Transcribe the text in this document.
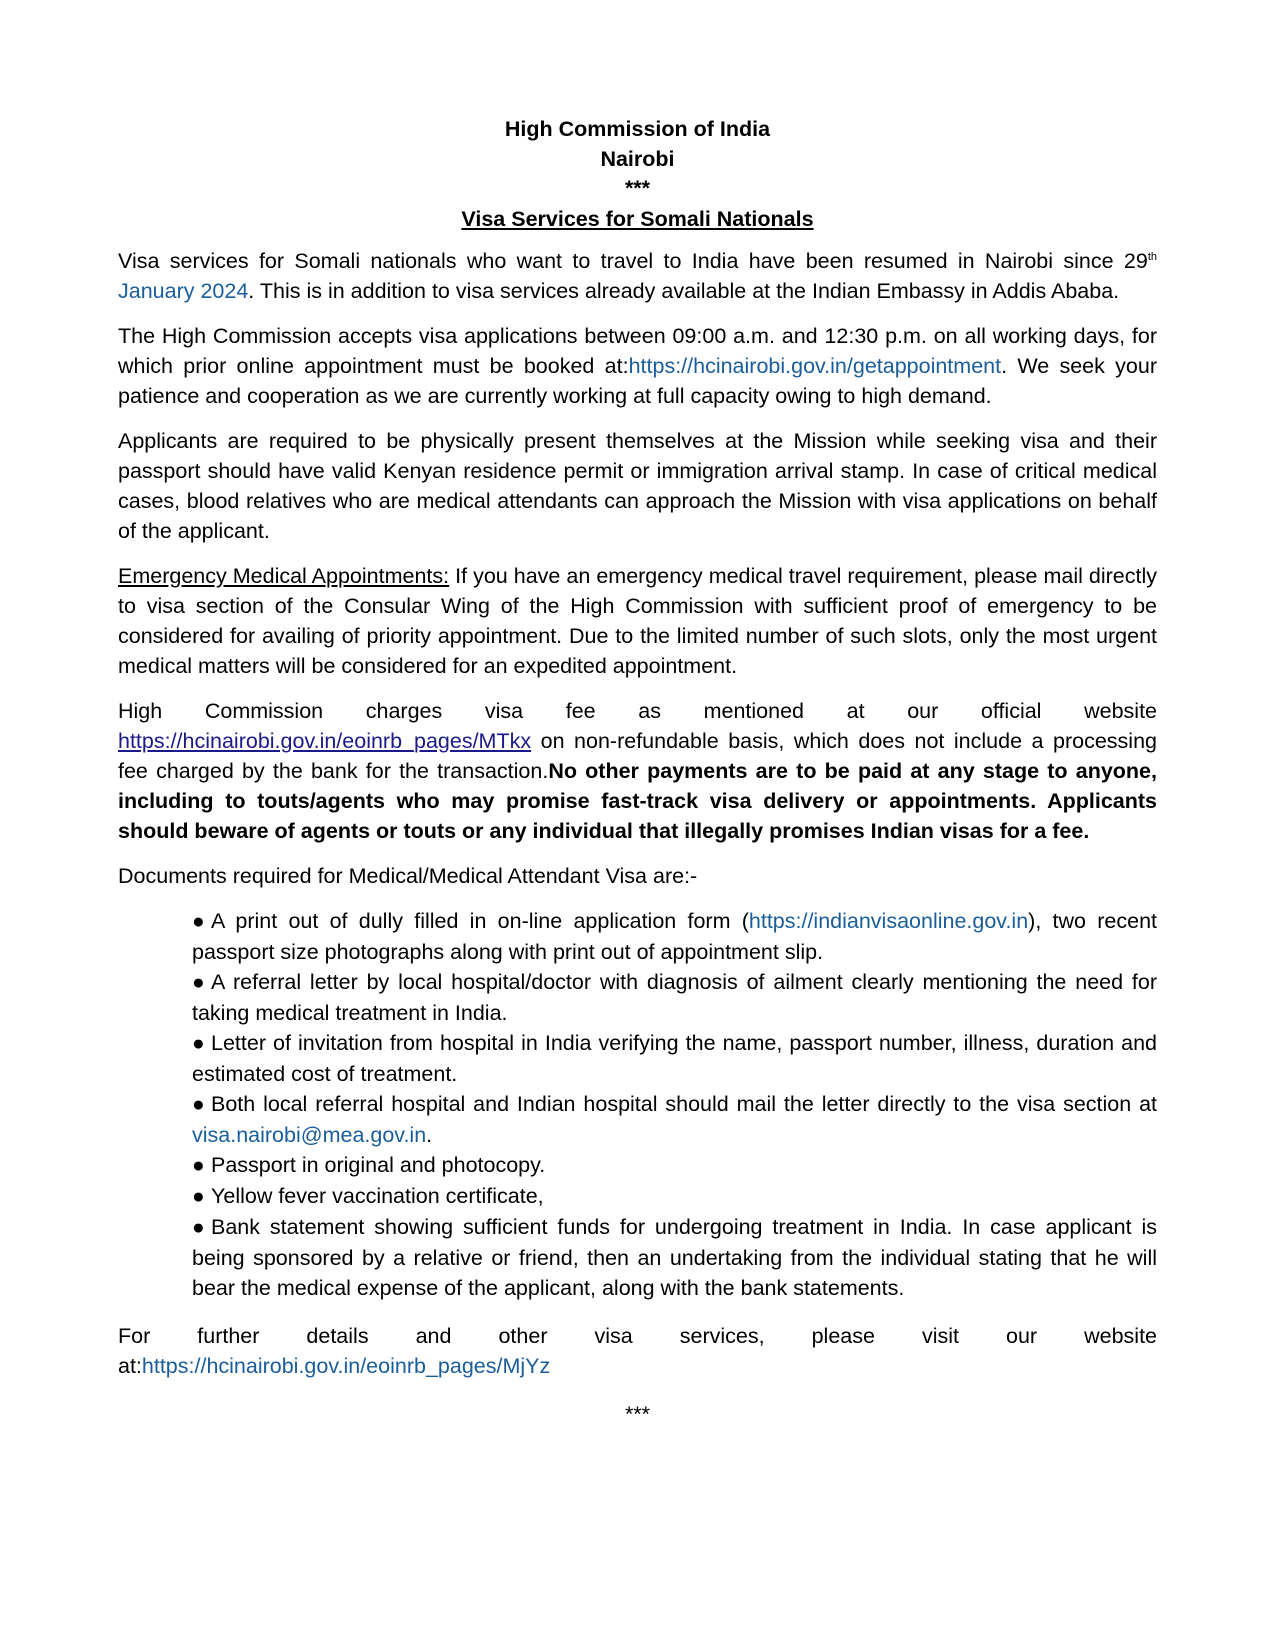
High Commission of India
Nairobi
***
Visa Services for Somali Nationals

Visa services for Somali nationals who want to travel to India have been resumed in Nairobi since 29th January 2024. This is in addition to visa services already available at the Indian Embassy in Addis Ababa.

The High Commission accepts visa applications between 09:00 a.m. and 12:30 p.m. on all working days, for which prior online appointment must be booked at:https://hcinairobi.gov.in/getappointment. We seek your patience and cooperation as we are currently working at full capacity owing to high demand.

Applicants are required to be physically present themselves at the Mission while seeking visa and their passport should have valid Kenyan residence permit or immigration arrival stamp. In case of critical medical cases, blood relatives who are medical attendants can approach the Mission with visa applications on behalf of the applicant.

Emergency Medical Appointments: If you have an emergency medical travel requirement, please mail directly to visa section of the Consular Wing of the High Commission with sufficient proof of emergency to be considered for availing of priority appointment. Due to the limited number of such slots, only the most urgent medical matters will be considered for an expedited appointment.

High Commission charges visa fee as mentioned at our official website https://hcinairobi.gov.in/eoinrb_pages/MTkx on non-refundable basis, which does not include a processing fee charged by the bank for the transaction.No other payments are to be paid at any stage to anyone, including to touts/agents who may promise fast-track visa delivery or appointments. Applicants should beware of agents or touts or any individual that illegally promises Indian visas for a fee.

Documents required for Medical/Medical Attendant Visa are:-

● A print out of dully filled in on-line application form (https://indianvisaonline.gov.in), two recent passport size photographs along with print out of appointment slip.
● A referral letter by local hospital/doctor with diagnosis of ailment clearly mentioning the need for taking medical treatment in India.
● Letter of invitation from hospital in India verifying the name, passport number, illness, duration and estimated cost of treatment.
● Both local referral hospital and Indian hospital should mail the letter directly to the visa section at visa.nairobi@mea.gov.in.
● Passport in original and photocopy.
● Yellow fever vaccination certificate,
● Bank statement showing sufficient funds for undergoing treatment in India. In case applicant is being sponsored by a relative or friend, then an undertaking from the individual stating that he will bear the medical expense of the applicant, along with the bank statements.
For further details and other visa services, please visit our website
at:https://hcinairobi.gov.in/eoinrb_pages/MjYz
***
